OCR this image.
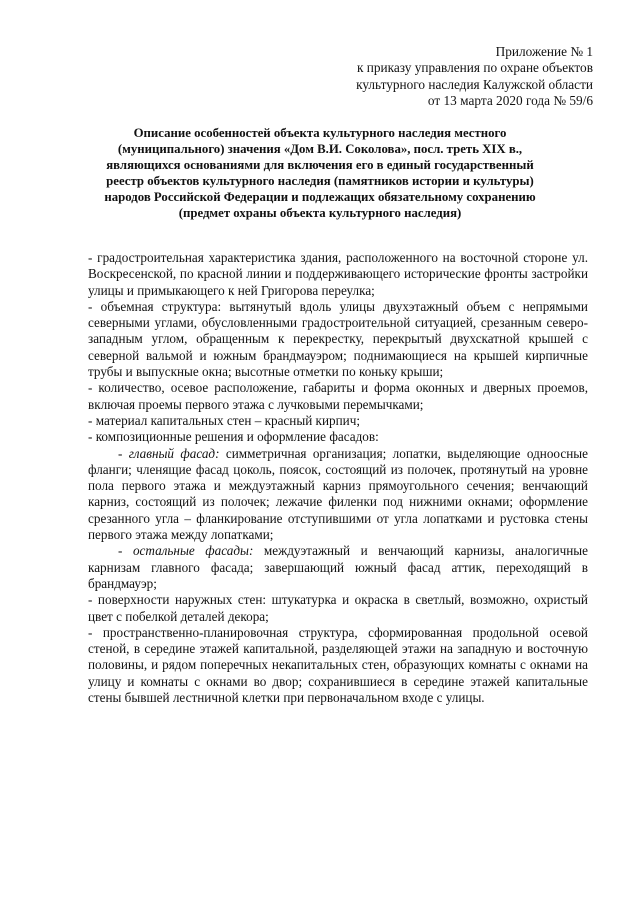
Приложение № 1
к приказу управления по охране объектов
культурного наследия Калужской области
от 13 марта 2020 года № 59/6
Описание особенностей объекта культурного наследия местного
(муниципального) значения «Дом В.И. Соколова», посл. треть XIX в.,
являющихся основаниями для включения его в единый государственный
реестр объектов культурного наследия (памятников истории и культуры)
народов Российской Федерации и подлежащих обязательному сохранению
(предмет охраны объекта культурного наследия)

- градостроительная характеристика здания, расположенного на восточной стороне ул. Воскресенской, по красной линии и поддерживающего исторические фронты застройки улицы и примыкающего к ней Григорова переулка;

- объемная структура: вытянутый вдоль улицы двухэтажный объем с непрямыми северными углами, обусловленными градостроительной ситуацией, срезанным северо-западным углом, обращенным к перекрестку, перекрытый двухскатной крышей с северной вальмой и южным брандмауэром; поднимающиеся на крышей кирпичные трубы и выпускные окна; высотные отметки по коньку крыши;

- количество, осевое расположение, габариты и форма оконных и дверных проемов, включая проемы первого этажа с лучковыми перемычками;

- материал капитальных стен – красный кирпич;

- композиционные решения и оформление фасадов:

- главный фасад: симметричная организация; лопатки, выделяющие одноосные фланги; членящие фасад цоколь, поясок, состоящий из полочек, протянутый на уровне пола первого этажа и междуэтажный карниз прямоугольного сечения; венчающий карниз, состоящий из полочек; лежачие филенки под нижними окнами; оформление срезанного угла – фланкирование отступившими от угла лопатками и рустовка стены первого этажа между лопатками;

- остальные фасады: междуэтажный и венчающий карнизы, аналогичные карнизам главного фасада; завершающий южный фасад аттик, переходящий в брандмауэр;

- поверхности наружных стен: штукатурка и окраска в светлый, возможно, охристый цвет с побелкой деталей декора;

- пространственно-планировочная структура, сформированная продольной осевой стеной, в середине этажей капитальной, разделяющей этажи на западную и восточную половины, и рядом поперечных некапитальных стен, образующих комнаты с окнами на улицу и комнаты с окнами во двор; сохранившиеся в середине этажей капитальные стены бывшей лестничной клетки при первоначальном входе с улицы.
